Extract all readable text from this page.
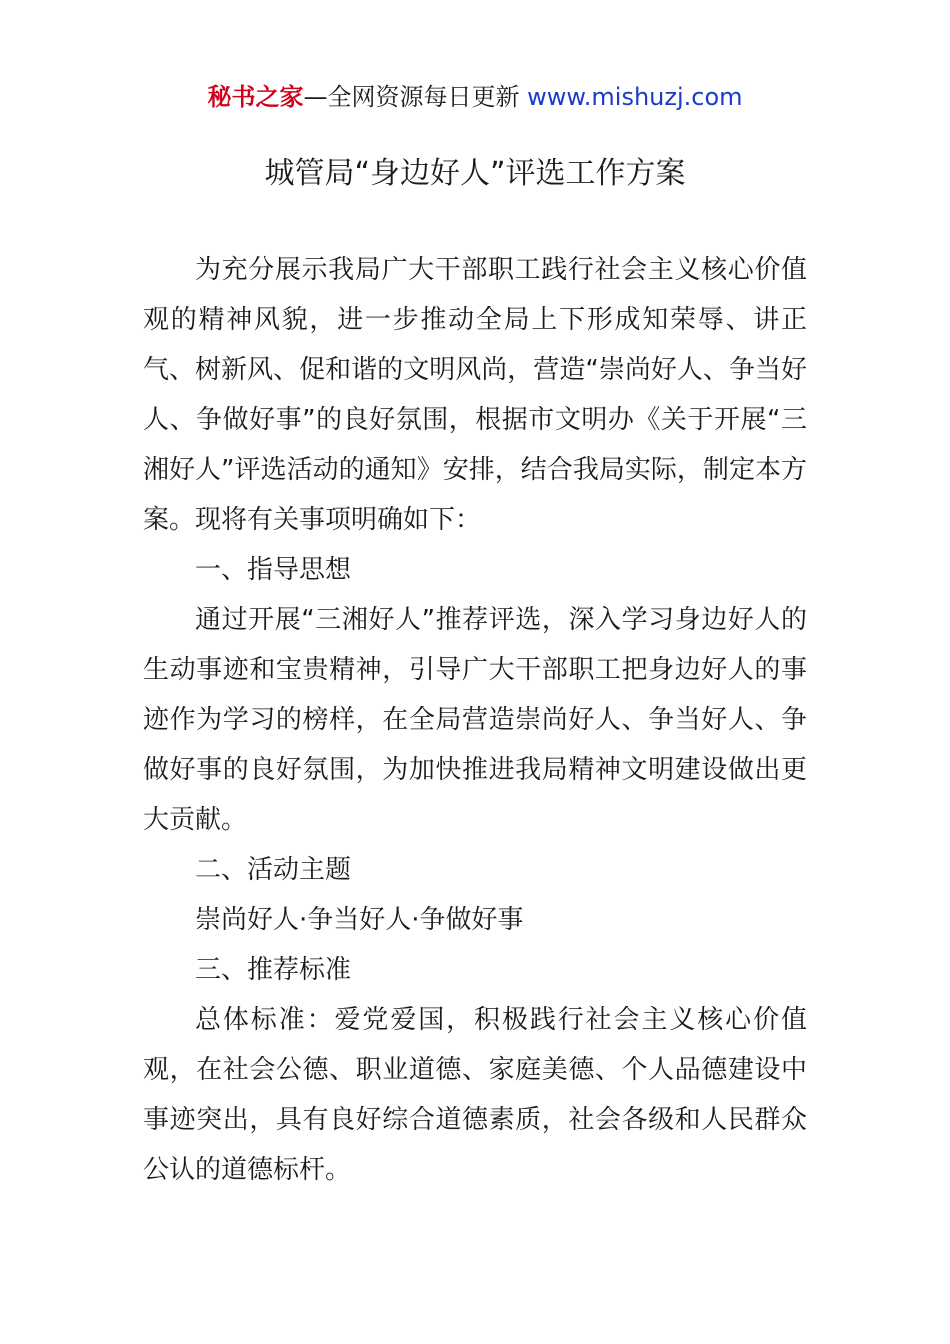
秘书之家—全网资源每日更新 www.mishuzj.com
城管局“身边好人”评选工作方案

为充分展示我局广大干部职工践行社会主义核心价值观的精神风貌，进一步推动全局上下形成知荣辱、讲正气、树新风、促和谐的文明风尚，营造“崇尚好人、争当好人、争做好事”的良好氛围，根据市文明办《关于开展“三湘好人”评选活动的通知》安排，结合我局实际，制定本方案。现将有关事项明确如下：

一、指导思想

通过开展“三湘好人”推荐评选，深入学习身边好人的生动事迹和宝贵精神，引导广大干部职工把身边好人的事迹作为学习的榜样，在全局营造崇尚好人、争当好人、争做好事的良好氛围，为加快推进我局精神文明建设做出更大贡献。

二、活动主题

崇尚好人·争当好人·争做好事

三、推荐标准

总体标准：爱党爱国，积极践行社会主义核心价值观，在社会公德、职业道德、家庭美德、个人品德建设中事迹突出，具有良好综合道德素质，社会各级和人民群众公认的道德标杆。
